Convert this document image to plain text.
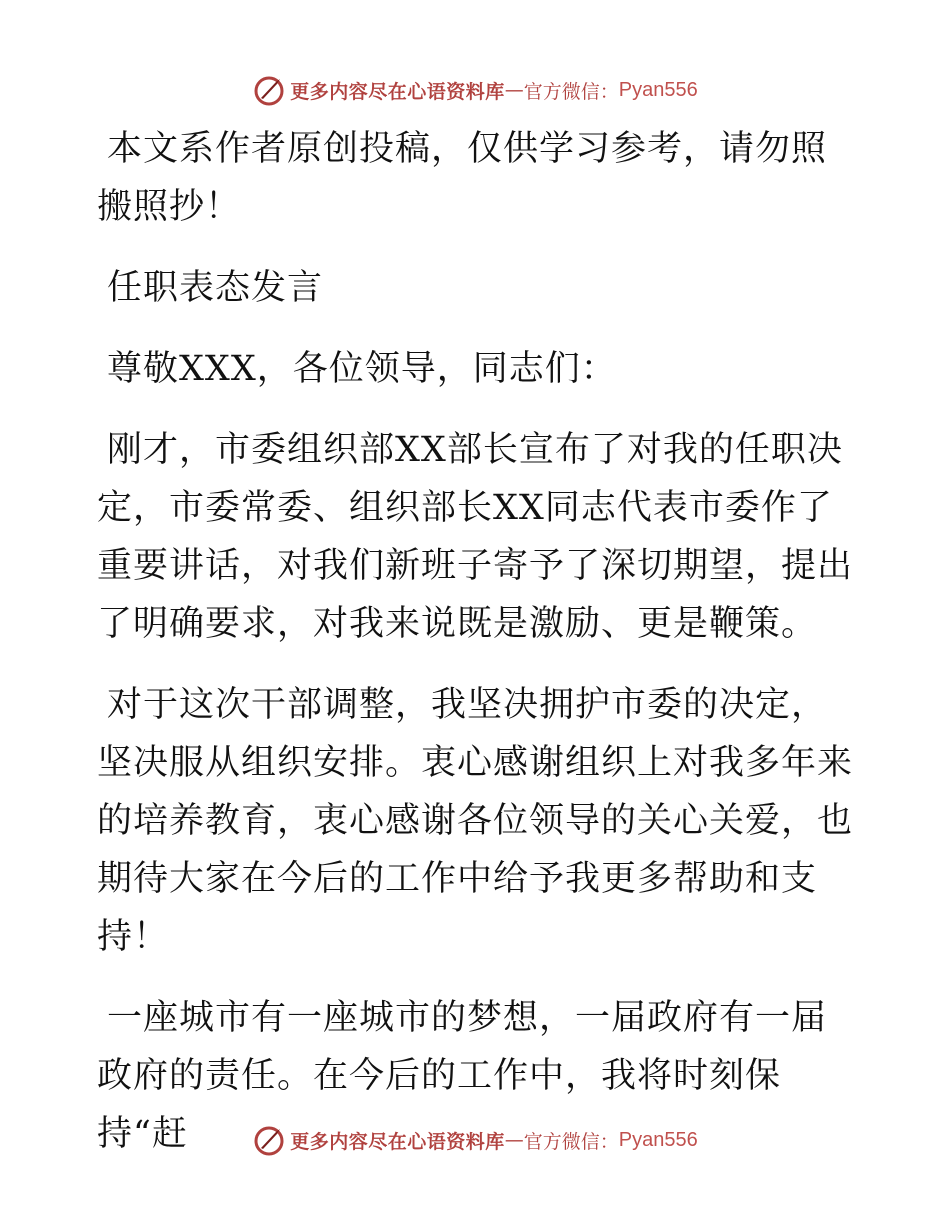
更多内容尽在心语资料库 — 官方微信： Pyan556

本文系作者原创投稿，仅供学习参考，请勿照搬照抄！

任职表态发言

尊敬XXX，各位领导，同志们：

刚才，市委组织部XX部长宣布了对我的任职决定，市委常委、组织部长XX同志代表市委作了重要讲话，对我们新班子寄予了深切期望，提出了明确要求，对我来说既是激励、更是鞭策。

对于这次干部调整，我坚决拥护市委的决定，坚决服从组织安排。衷心感谢组织上对我多年来的培养教育，衷心感谢各位领导的关心关爱，也期待大家在今后的工作中给予我更多帮助和支持！

一座城市有一座城市的梦想，一届政府有一届政府的责任。在今后的工作中，我将时刻保持“赶	更多内容尽在心语资料库 — 官方微信： Pyan556
